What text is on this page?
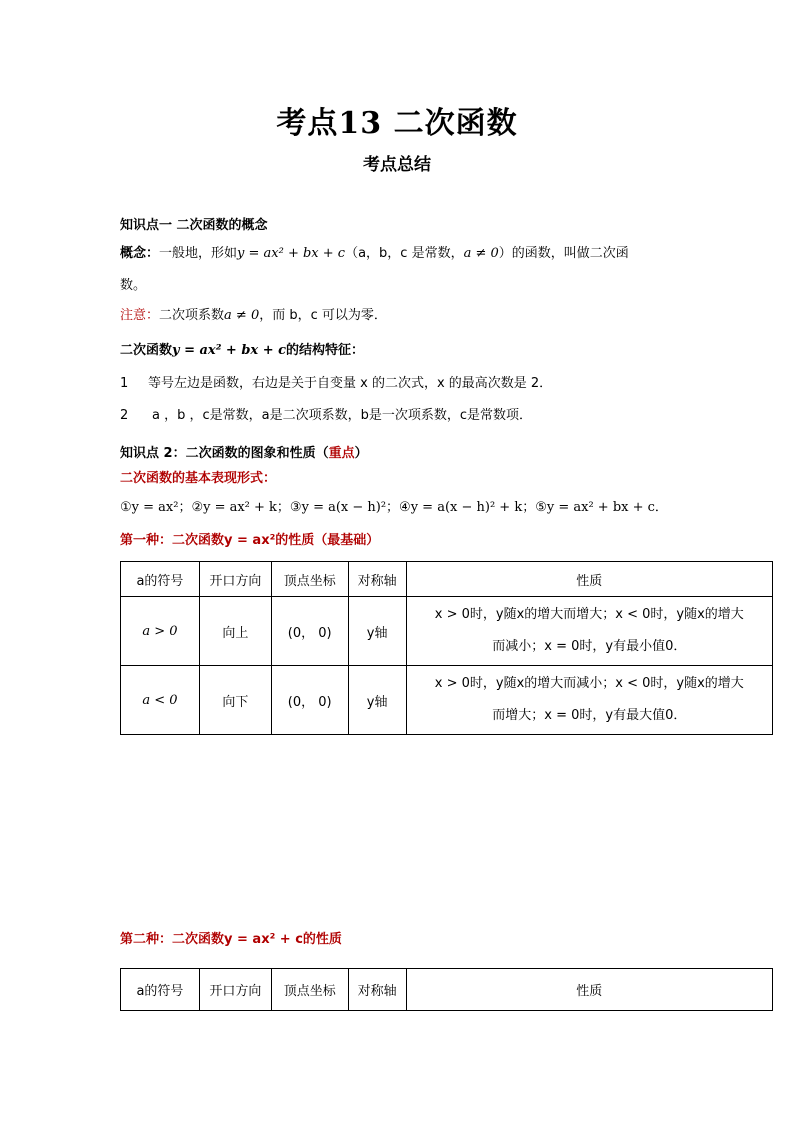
考点13 二次函数
考点总结
知识点一 二次函数的概念
概念：一般地，形如y = ax² + bx + c（a，b，c 是常数，a ≠ 0）的函数，叫做二次函
数。
注意：二次项系数a ≠ 0，而 b，c 可以为零．
二次函数y = ax² + bx + c的结构特征：
1 等号左边是函数，右边是关于自变量 x 的二次式，x 的最高次数是 2．
2 a ，b ，c是常数，a是二次项系数，b是一次项系数，c是常数项．
知识点 2：二次函数的图象和性质（重点）
二次函数的基本表现形式：
①y = ax²；②y = ax² + k；③y = a(x − h)²；④y = a(x − h)² + k；⑤y = ax² + bx + c．
第一种：二次函数y = ax²的性质（最基础）
a的符号	开口方向	顶点坐标	对称轴	性质
a > 0	向上	(0， 0)	y轴	x > 0时，y随x的增大而增大；x < 0时，y随x的增大
而减小；x = 0时，y有最小值0．

a < 0	向下	(0， 0)	y轴	x > 0时，y随x的增大而减小；x < 0时，y随x的增大
而增大；x = 0时，y有最大值0．
第二种：二次函数y = ax² + c的性质
a的符号	开口方向	顶点坐标	对称轴	性质
